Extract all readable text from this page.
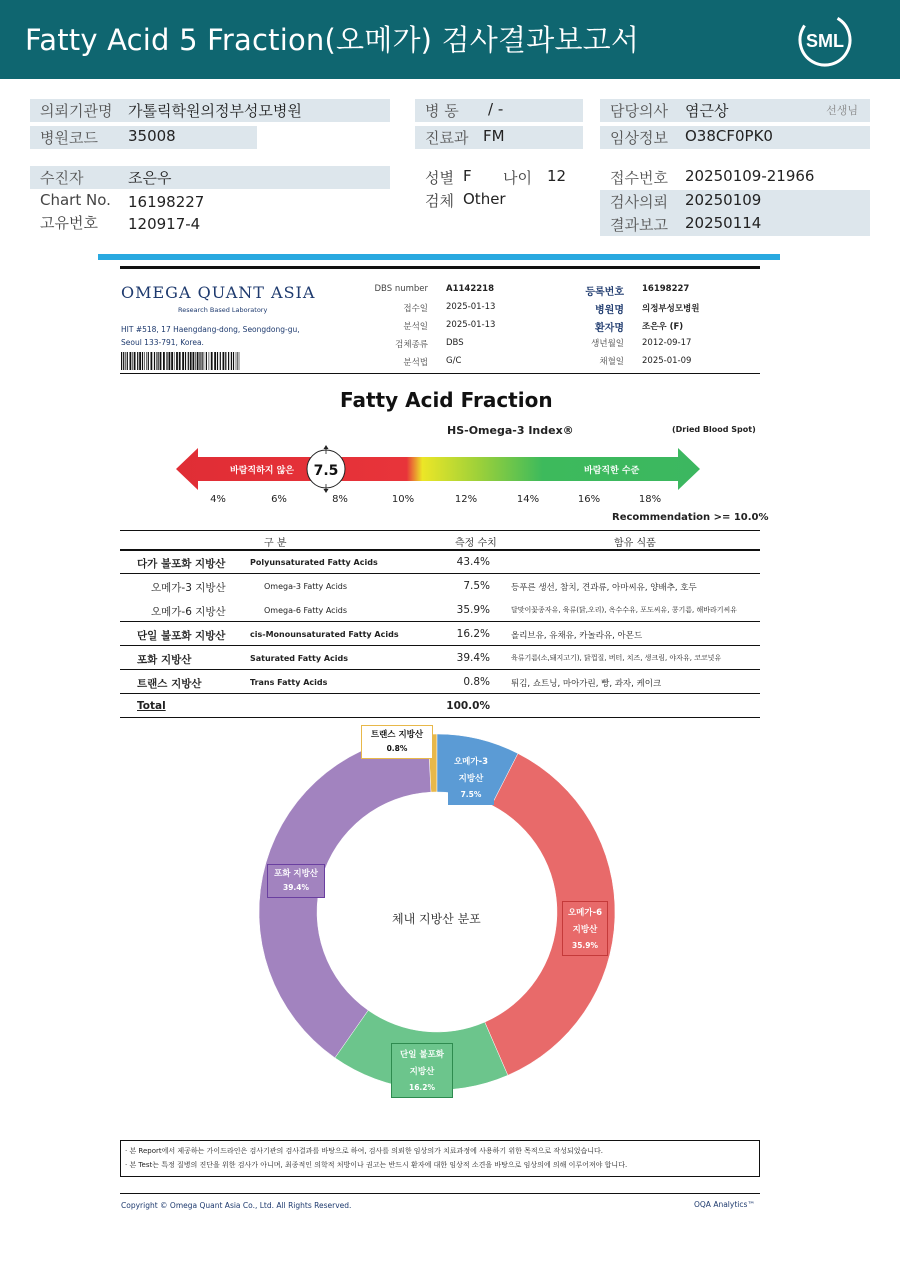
Fatty Acid 5 Fraction(오메가) 검사결과보고서	SML
의뢰기관명 가톨릭학원의정부성모병원
병원코드 35008
수진자	조은우
Chart No. 16198227
고유번호 120917-4
병 동 / -
진료과 FM
성별 F 나이 12
검체 Other
담당의사 염근상	선생님
임상정보 O38CF0PK0
접수번호 20250109-21966
검사의뢰 20250109
결과보고 20250114
OMEGA QUANT ASIA
Research Based Laboratory
HIT #518, 17 Haengdang-dong, Seongdong-gu,
Seoul 133-791, Korea.
DBS number A1142218
접수일 2025-01-13
분석일 2025-01-13
검체종류 DBS
분석법 G/C
등록번호 16198227
병원명 의정부성모병원
환자명 조은우 (F)
생년월일 2012-09-17
채혈일 2025-01-09
Fatty Acid Fraction
HS-Omega-3 Index®	(Dried Blood Spot)
바람직하지 않은	바람직한 수준
7.5
4%	6%	8%	10%	12%	14%	16%	18%
Recommendation >= 10.0%
구 분	측정 수치	함유 식품
다가 불포화 지방산	Polyunsaturated Fatty Acids	43.4%
오메가-3 지방산	Omega-3 Fatty Acids	7.5% 등푸른 생선, 참치, 견과류, 아마씨유, 양배추, 호두
오메가-6 지방산	Omega-6 Fatty Acids	35.9%	달맞이꽃종자유, 육류(닭,오리), 옥수수유, 포도씨유, 콩기름, 해바라기씨유
단일 불포화 지방산	cis-Monounsaturated Fatty Acids	16.2% 올리브유, 유채유, 카놀라유, 아몬드
포화 지방산	Saturated Fatty Acids	39.4%	육류기름(소,돼지고기), 닭껍질, 버터, 치즈, 생크림, 야자유, 코코넛유
트랜스 지방산	Trans Fatty Acids	0.8% 튀김, 쇼트닝, 마아가린, 빵, 과자, 케이크
Total	100.0%
트랜스 지방산
0.8%
오메가-3
지방산
7.5%
오메가-6
지방산
35.9%
단일 불포화
지방산
16.2%
포화 지방산
39.4%
체내 지방산 분포
· 본 Report에서 제공하는 가이드라인은 검사기관의 검사결과를 바탕으로 하여, 검사를 의뢰한 임상의가 치료과정에 사용하기 위한 목적으로 작성되었습니다.
· 본 Test는 특정 질병의 진단을 위한 검사가 아니며, 최종적인 의학적 처방이나 권고는 반드시 환자에 대한 임상적 소견을 바탕으로 임상의에 의해 이루어져야 합니다.
Copyright © Omega Quant Asia Co., Ltd. All Rights Reserved.	OQA Analytics™
